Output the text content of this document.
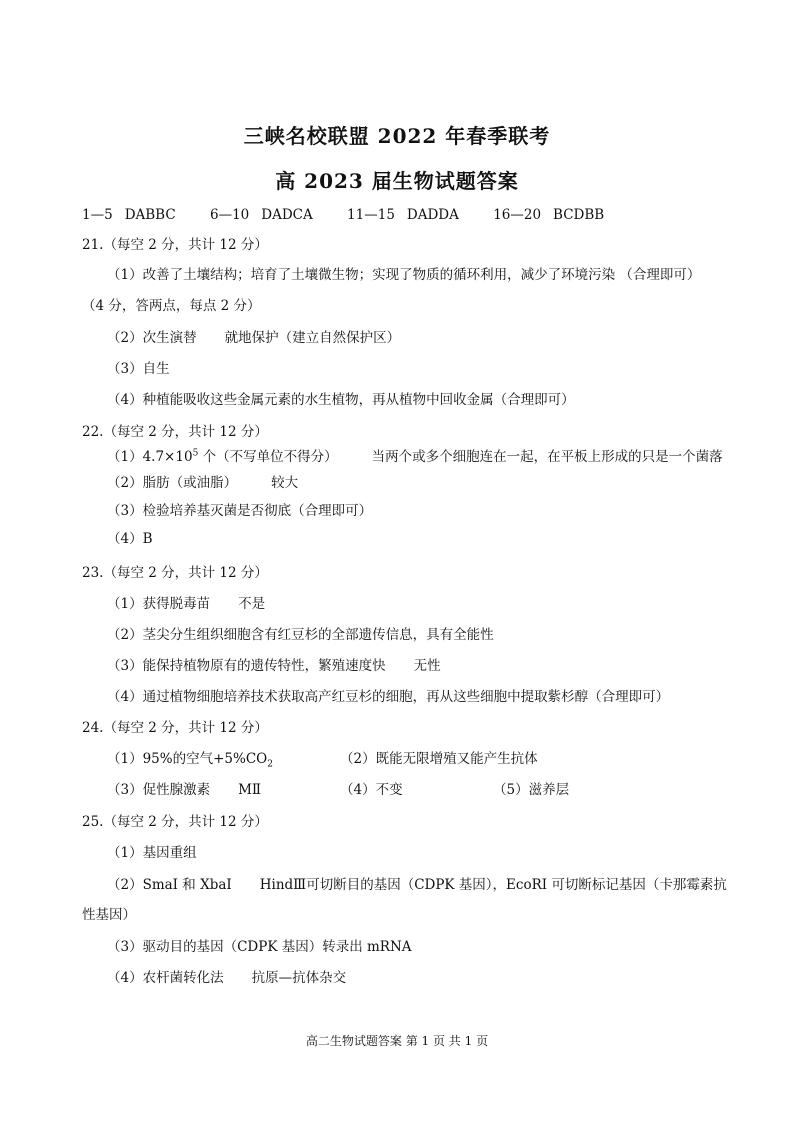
三峡名校联盟 2022 年春季联考
高 2023 届生物试题答案
1—5 DABBC	6—10 DADCA	11—15 DADDA	16—20 BCDBB
21.（每空 2 分，共计 12 分）
（1）改善了土壤结构；培育了土壤微生物；实现了物质的循环利用，减少了环境污染 （合理即可）
（4 分，答两点，每点 2 分）
（2）次生演替 就地保护（建立自然保护区）
（3）自生
（4）种植能吸收这些金属元素的水生植物，再从植物中回收金属（合理即可）
22.（每空 2 分，共计 12 分）
$(1)4.7\times 10^5$ 个（不写单位不得分）	当两个或多个细胞连在一起，在平板上形成的只是一个菌落
（2）脂肪（或油脂）	较大
（3）检验培养基灭菌是否彻底（合理即可）
（4）B
23.（每空 2 分，共计 12 分）
（1）获得脱毒苗 不是
（2）茎尖分生组织细胞含有红豆杉的全部遗传信息，具有全能性
（3）能保持植物原有的遗传特性，繁殖速度快 无性
（4）通过植物细胞培养技术获取高产红豆杉的细胞，再从这些细胞中提取紫杉醇（合理即可）
24.（每空 2 分，共计 12 分）
（1）95%的空气$+5\%CO_2$	（2）既能无限增殖又能产生抗体
（3）促性腺激素 MⅡ	（4）不变	（5）滋养层
25.（每空 2 分，共计 12 分）
（1）基因重组
（2）SmaⅠ 和 XbaⅠ HindⅢ可切断目的基因（CDPK 基因），EcoRI 可切断标记基因（卡那霉素抗
性基因）
（3）驱动目的基因（CDPK 基因）转录出 mRNA
（4）农杆菌转化法 抗原—抗体杂交
高二生物试题答案 第 1 页 共 1 页
